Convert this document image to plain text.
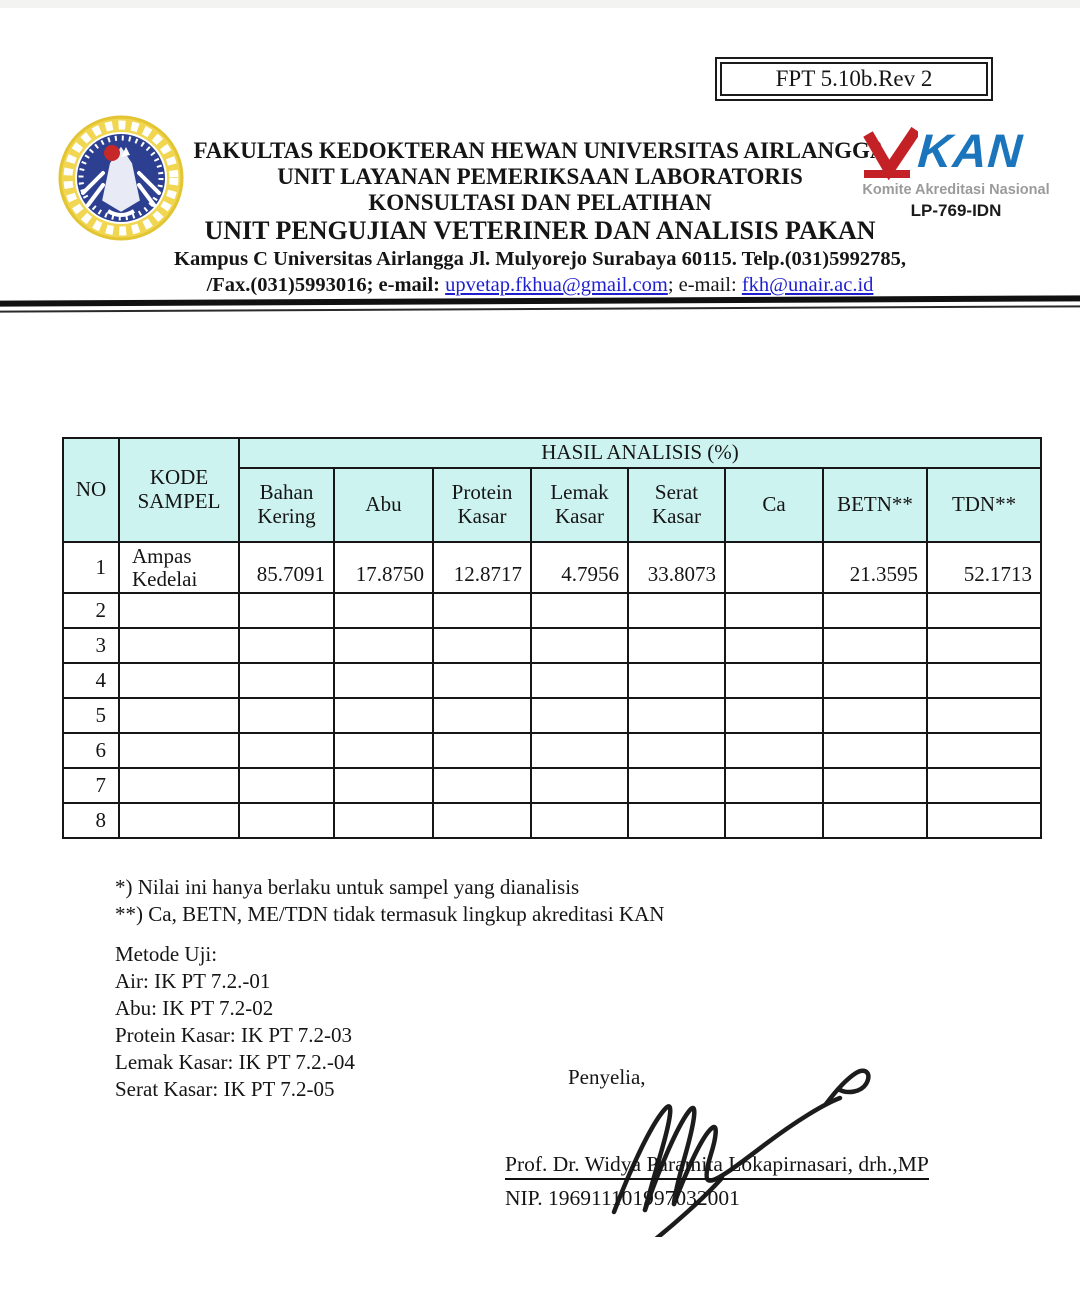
FPT 5.10b.Rev 2
FAKULTAS KEDOKTERAN HEWAN UNIVERSITAS AIRLANGGA
UNIT LAYANAN PEMERIKSAAN LABORATORIS
KONSULTASI DAN PELATIHAN
UNIT PENGUJIAN VETERINER DAN ANALISIS PAKAN
Kampus C Universitas Airlangga Jl. Mulyorejo Surabaya 60115. Telp.(031)5992785,
/Fax.(031)5993016; e-mail: upvetap.fkhua@gmail.com; e-mail: fkh@unair.ac.id
KAN
Komite Akreditasi Nasional
LP-769-IDN
NO	KODE SAMPEL	HASIL ANALISIS (%)							
		Bahan Kering	Abu	Protein Kasar	Lemak Kasar	Serat Kasar	Ca	BETN**	TDN**
1	Ampas Kedelai	85.7091	17.8750	12.8717	4.7956	33.8073		21.3595	52.1713
2									
3									
4									
5									
6									
7									
8									
*) Nilai ini hanya berlaku untuk sampel yang dianalisis
**) Ca, BETN, ME/TDN tidak termasuk lingkup akreditasi KAN
Metode Uji:
Air: IK PT 7.2.-01
Abu: IK PT 7.2-02
Protein Kasar: IK PT 7.2-03
Lemak Kasar: IK PT 7.2.-04
Serat Kasar: IK PT 7.2-05	Penyelia,
Prof. Dr. Widya Paramita Lokapirnasari, drh.,MP
NIP. 196911101997032001
